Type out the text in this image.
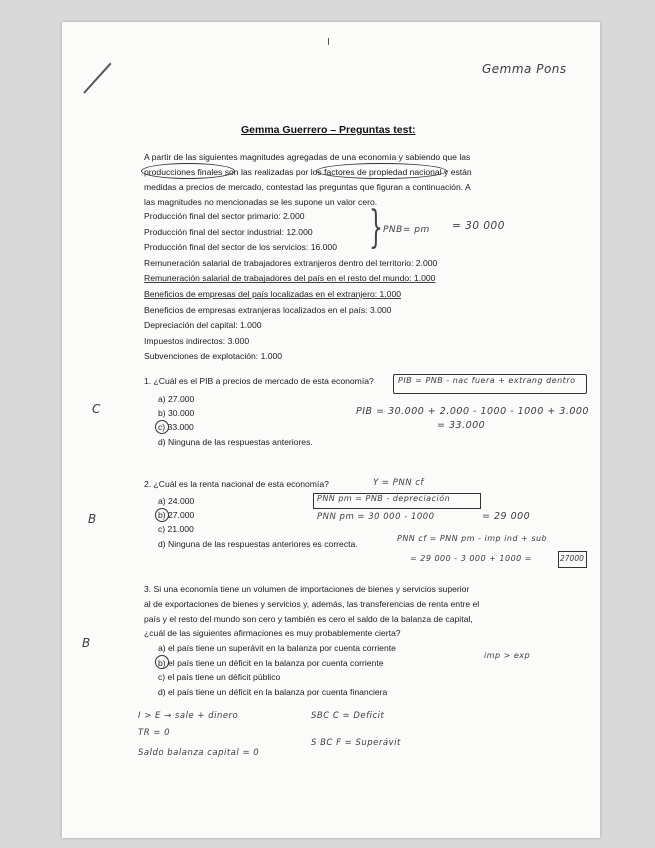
Gemma Pons
Gemma Guerrero – Preguntas test:
A partir de las siguientes magnitudes agregadas de una economía y sabiendo que las
producciones finales son las realizadas por los factores de propiedad nacional y están
medidas a precios de mercado, contestad las preguntas que figuran a continuación. A
las magnitudes no mencionadas se les supone un valor cero.
Producción final del sector primario: 2.000
Producción final del sector industrial: 12.000
Producción final del sector de los servicios: 16.000
Remuneración salarial de trabajadores extranjeros dentro del territorio: 2.000
Remuneración salarial de trabajadores del país en el resto del mundo: 1.000
Beneficios de empresas del país localizadas en el extranjero: 1.000
Beneficios de empresas extranjeras localizados en el país: 3.000
Depreciación del capital: 1.000
Impuestos indirectos: 3.000
Subvenciones de explotación: 1.000
} PNB= pm = 30 000
1. ¿Cuál es el PIB a precios de mercado de esta economía?	PIB = PNB - nac fuera + extrang dentro
a) 27.000
b) 30.000
c) 33.000
d) Ninguna de las respuestas anteriores.
C	PIB = 30.000 + 2.000 - 1000 - 1000 + 3.000
= 33.000
2. ¿Cuál es la renta nacional de esta economía?	Y = PNN cf
a) 24.000
b) 27.000
c) 21.000
d) Ninguna de las respuestas anteriores es correcta.
B
PNN pm = PNB - depreciación
PNN pm = 30 000 - 1000	= 29 000
PNN cf = PNN pm - imp ind + sub
= 29 000 - 3 000 + 1000 =	27000
3. Si una economía tiene un volumen de importaciones de bienes y servicios superior
al de exportaciones de bienes y servicios y, además, las transferencias de renta entre el
país y el resto del mundo son cero y también es cero el saldo de la balanza de capital,
¿cuál de las siguientes afirmaciones es muy probablemente cierta?
a) el país tiene un superávit en la balanza por cuenta corriente
b) el país tiene un déficit en la balanza por cuenta corriente
c) el país tiene un déficit público
d) el país tiene un déficit en la balanza por cuenta financiera
B
imp > exp
I > E → sale + dinero
TR = 0
Saldo balanza capital = 0
SBC C = Deficit
S BC F = Superávit
